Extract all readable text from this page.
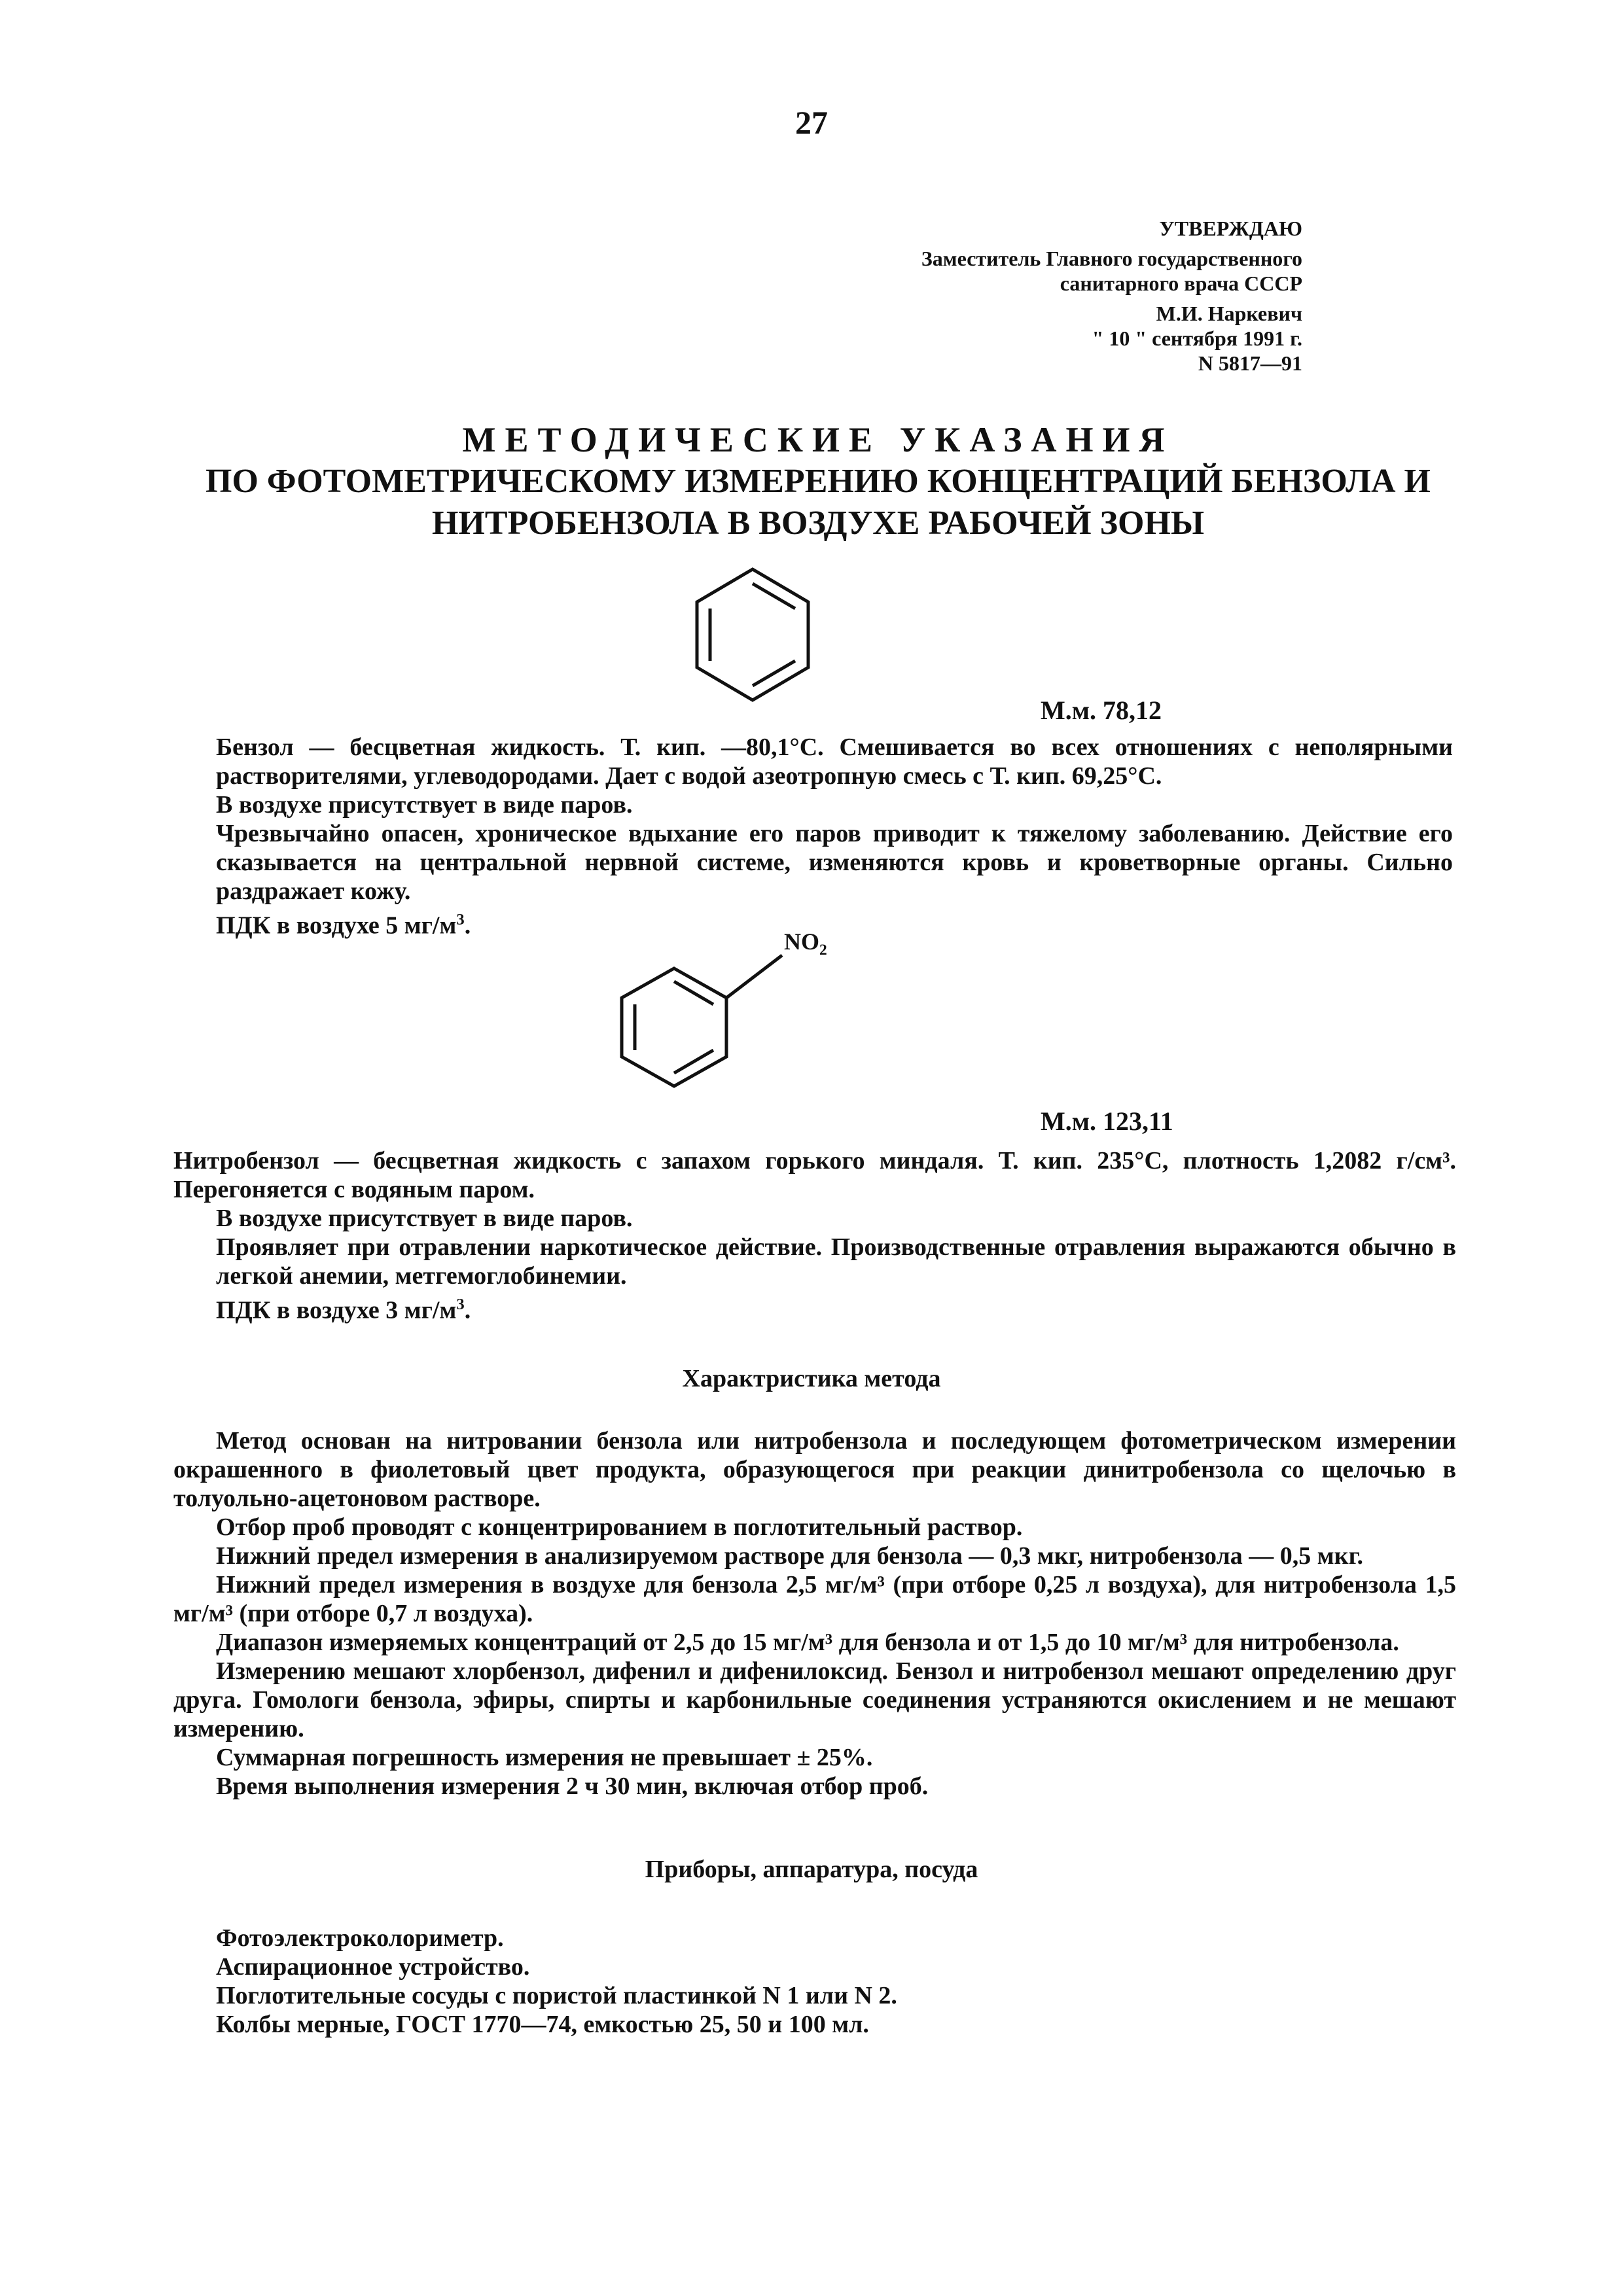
27
УТВЕРЖДАЮ
Заместитель Главного государственного
санитарного врача СССР
М.И. Наркевич
" 10 " сентября 1991 г.
N 5817—91
МЕТОДИЧЕСКИЕ УКАЗАНИЯ
ПО ФОТОМЕТРИЧЕСКОМУ ИЗМЕРЕНИЮ КОНЦЕНТРАЦИЙ БЕНЗОЛА И
НИТРОБЕНЗОЛА В ВОЗДУХЕ РАБОЧЕЙ ЗОНЫ
М.м. 78,12

Бензол — бесцветная жидкость. Т. кип. —80,1°С. Смешивается во всех отношениях с неполярными растворителями, углеводородами. Дает с водой азеотропную смесь с Т. кип. 69,25°С.

В воздухе присутствует в виде паров.

Чрезвычайно опасен, хроническое вдыхание его паров приводит к тяжелому заболеванию. Действие его сказывается на центральной нервной системе, изменяются кровь и кроветворные органы. Сильно раздражает кожу.

ПДК в воздухе 5 $мг/м^3$.

$NO_2$
М.м. 123,11

Нитробензол — бесцветная жидкость с запахом горького миндаля. Т. кип. 235°С, плотность 1,2082 г/см³. Перегоняется с водяным паром.

В воздухе присутствует в виде паров.

Проявляет при отравлении наркотическое действие. Производственные отравления выражаются обычно в легкой анемии, метгемоглобинемии.

ПДК в воздухе 3 $мг/м^3$.

Характристика метода

Метод основан на нитровании бензола или нитробензола и последующем фотометрическом измерении окрашенного в фиолетовый цвет продукта, образующегося при реакции динитробензола со щелочью в толуольно-ацетоновом растворе.

Отбор проб проводят с концентрированием в поглотительный раствор.

Нижний предел измерения в анализируемом растворе для бензола — 0,3 мкг, нитробензола — 0,5 мкг.

Нижний предел измерения в воздухе для бензола 2,5 мг/м³ (при отборе 0,25 л воздуха), для нитробензола 1,5 мг/м³ (при отборе 0,7 л воздуха).

Диапазон измеряемых концентраций от 2,5 до 15 мг/м³ для бензола и от 1,5 до 10 мг/м³ для нитробензола.

Измерению мешают хлорбензол, дифенил и дифенилоксид. Бензол и нитробензол мешают определению друг друга. Гомологи бензола, эфиры, спирты и карбонильные соединения устраняются окислением и не мешают измерению.

Суммарная погрешность измерения не превышает ± 25%.

Время выполнения измерения 2 ч 30 мин, включая отбор проб.

Приборы, аппаратура, посуда

Фотоэлектроколориметр.

Аспирационное устройство.

Поглотительные сосуды с пористой пластинкой N 1 или N 2.

Колбы мерные, ГОСТ 1770—74, емкостью 25, 50 и 100 мл.
